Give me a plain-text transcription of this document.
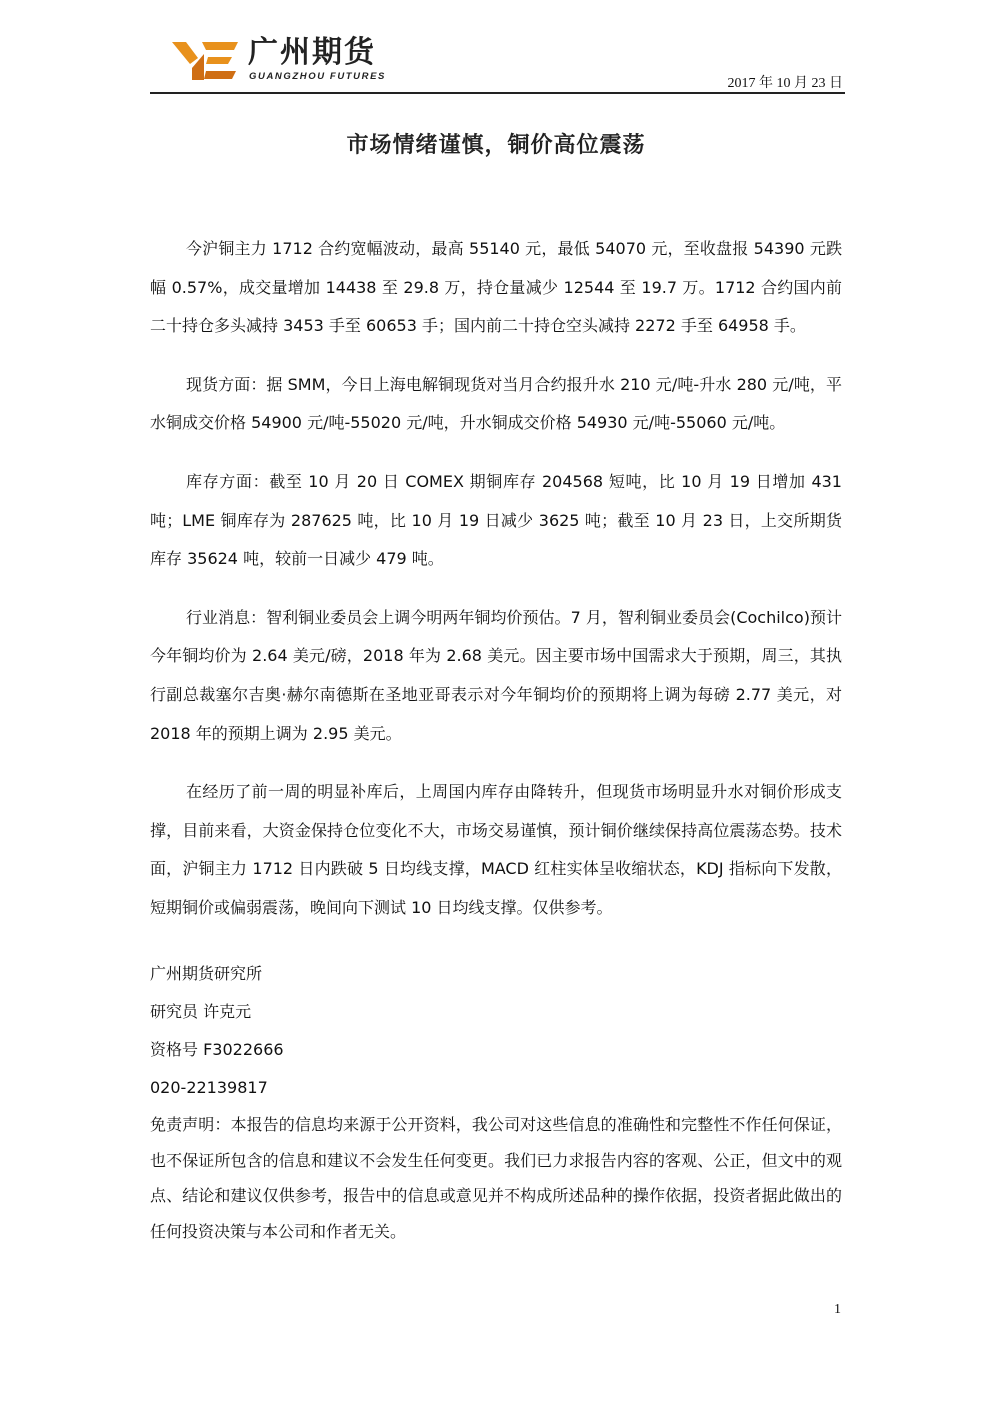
广州期货
GUANGZHOU FUTURES	2017 年 10 月 23 日
市场情绪谨慎，铜价高位震荡

今沪铜主力 1712 合约宽幅波动，最高 55140 元，最低 54070 元，至收盘报 54390 元跌幅 0.57%，成交量增加 14438 至 29.8 万，持仓量减少 12544 至 19.7 万。1712 合约国内前二十持仓多头减持 3453 手至 60653 手；国内前二十持仓空头减持 2272 手至 64958 手。

现货方面：据 SMM，今日上海电解铜现货对当月合约报升水 210 元/吨-升水 280 元/吨，平水铜成交价格 54900 元/吨-55020 元/吨，升水铜成交价格 54930 元/吨-55060 元/吨。

库存方面：截至 10 月 20 日 COMEX 期铜库存 204568 短吨，比 10 月 19 日增加 431 吨；LME 铜库存为 287625 吨，比 10 月 19 日减少 3625 吨；截至 10 月 23 日，上交所期货库存 35624 吨，较前一日减少 479 吨。

行业消息：智利铜业委员会上调今明两年铜均价预估。7 月，智利铜业委员会(Cochilco)预计今年铜均价为 2.64 美元/磅，2018 年为 2.68 美元。因主要市场中国需求大于预期，周三，其执行副总裁塞尔吉奥·赫尔南德斯在圣地亚哥表示对今年铜均价的预期将上调为每磅 2.77 美元，对 2018 年的预期上调为 2.95 美元。

在经历了前一周的明显补库后，上周国内库存由降转升，但现货市场明显升水对铜价形成支撑，目前来看，大资金保持仓位变化不大，市场交易谨慎，预计铜价继续保持高位震荡态势。技术面，沪铜主力 1712 日内跌破 5 日均线支撑，MACD 红柱实体呈收缩状态，KDJ 指标向下发散，短期铜价或偏弱震荡，晚间向下测试 10 日均线支撑。仅供参考。

广州期货研究所
研究员 许克元
资格号 F3022666
020-22139817

免责声明：本报告的信息均来源于公开资料，我公司对这些信息的准确性和完整性不作任何保证，也不保证所包含的信息和建议不会发生任何变更。我们已力求报告内容的客观、公正，但文中的观点、结论和建议仅供参考，报告中的信息或意见并不构成所述品种的操作依据，投资者据此做出的任何投资决策与本公司和作者无关。

1
